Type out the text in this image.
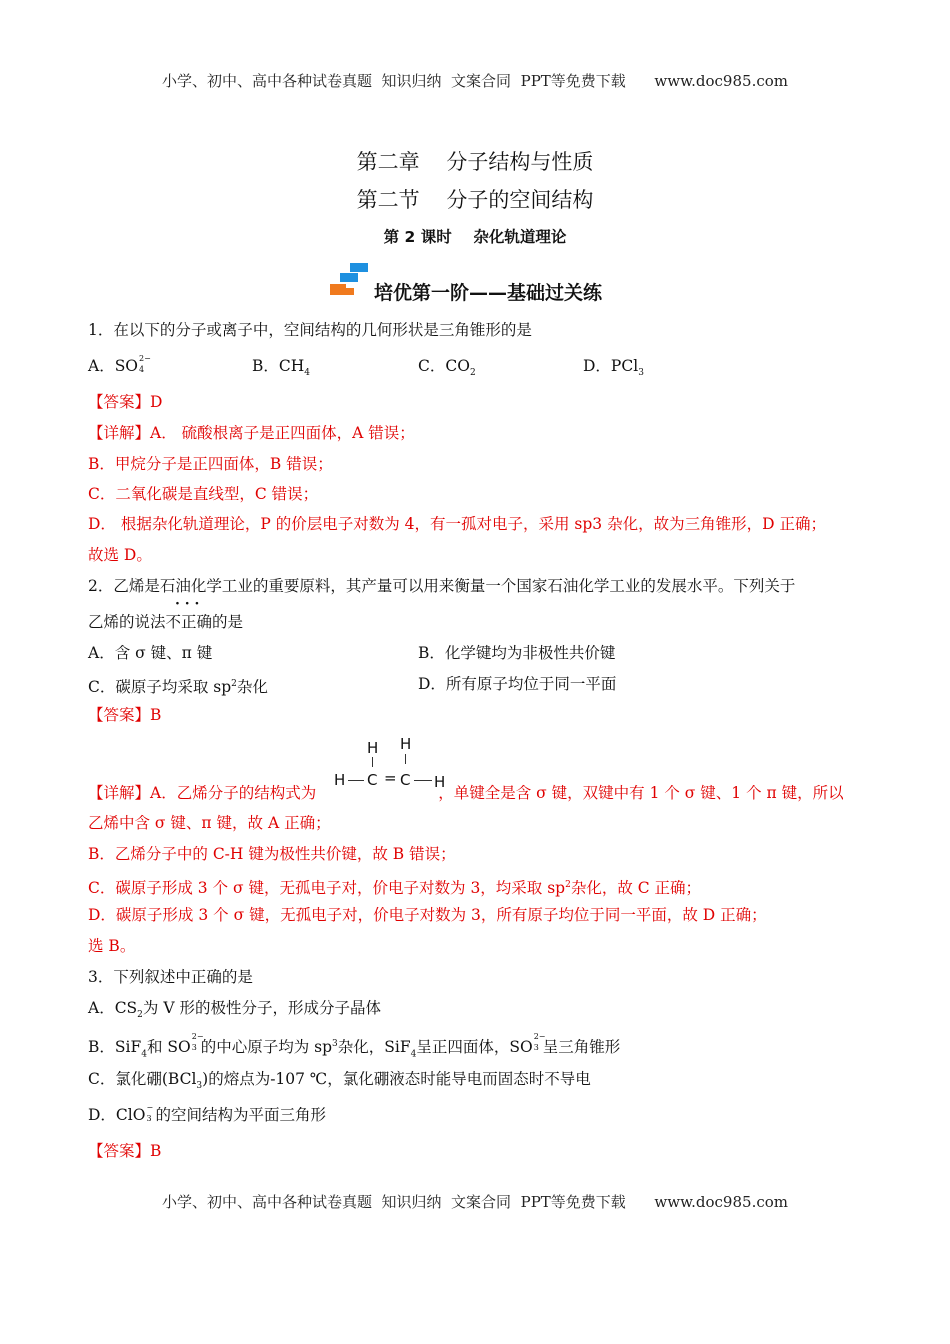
小学、初中、高中各种试卷真题  知识归纳  文案合同  PPT等免费下载      www.doc985.com
第二章    分子结构与性质
第二节    分子的空间结构
第 2 课时    杂化轨道理论
培优第一阶——基础过关练
1．在以下的分子或离子中，空间结构的几何形状是三角锥形的是
A．SO 2−
4	B．$CH_4$	C．$CO_2$	D．PCl$_3$
【答案】D
【详解】A． 硫酸根离子是正四面体，A 错误；
B．甲烷分子是正四面体，B 错误；
C．二氧化碳是直线型，C 错误；
D． 根据杂化轨道理论，P 的价层电子对数为 4，有一孤对电子，采用 sp3 杂化，故为三角锥形，D 正确；
故选 D。
2．乙烯是石油化学工业的重要原料，其产量可以用来衡量一个国家石油化学工业的发展水平。下列关于
· · ·
乙烯的说法不正确的是
A．含 σ 键、π 键	B．化学键均为非极性共价键
C．碳原子均采取 $sp^2$杂化	D．所有原子均位于同一平面
【答案】B
H H
H C = C H
【详解】A．乙烯分子的结构式为	，单键全是含 σ 键，双键中有 1 个 σ 键、1 个 π 键，所以
乙烯中含 σ 键、π 键，故 A 正确；
B．乙烯分子中的 C-H 键为极性共价键，故 B 错误；
C．碳原子形成 3 个 σ 键，无孤电子对，价电子对数为 3，均采取 $sp^2$杂化，故 C 正确；
D．碳原子形成 3 个 σ 键，无孤电子对，价电子对数为 3，所有原子均位于同一平面，故 D 正确；
选 B。
3．下列叙述中正确的是
A．$CS_2$为 V 形的极性分子，形成分子晶体
B．SiF$_4$和 SO
2−
3 的中心原子均为 $sp^3$杂化，SiF$_4$呈正四面体，SO
2−
3 呈三角锥形
C．氯化硼(BCl$_3$)的熔点为-107 ℃，氯化硼液态时能导电而固态时不导电
D．ClO −
3 的空间结构为平面三角形
【答案】B
小学、初中、高中各种试卷真题  知识归纳  文案合同  PPT等免费下载      www.doc985.com
